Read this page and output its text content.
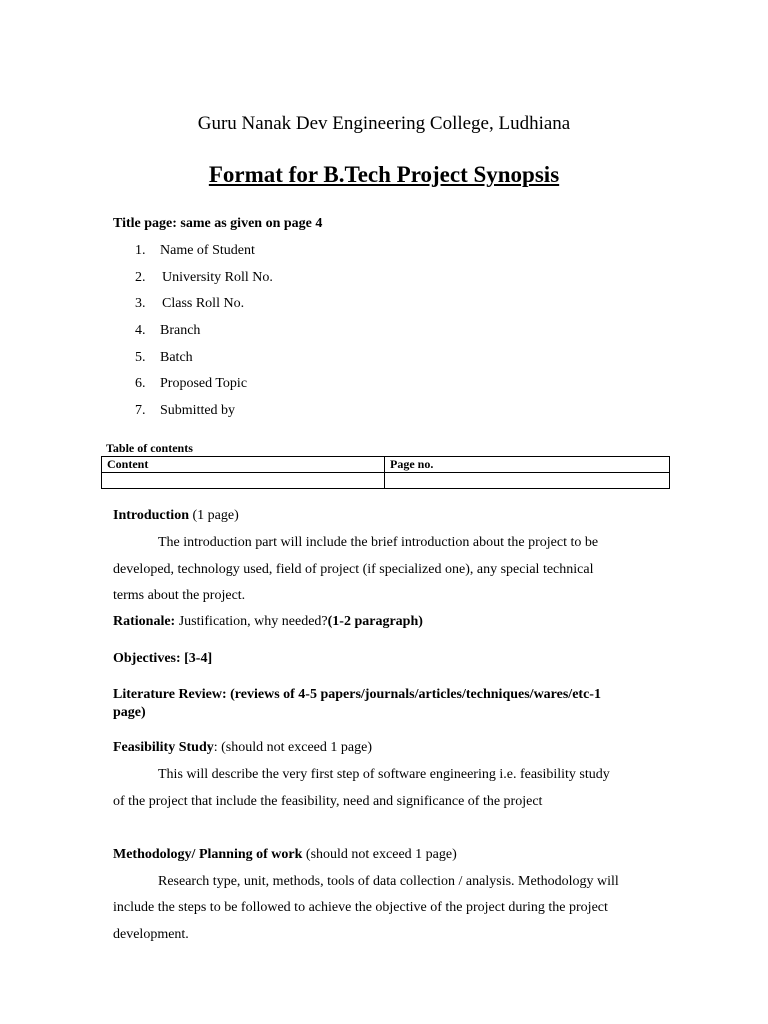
Guru Nanak Dev Engineering College, Ludhiana
Format for B.Tech Project Synopsis
Title page: same as given on page 4
1. Name of Student
2. University Roll No.
3. Class Roll No.
4. Branch
5. Batch
6. Proposed Topic
7. Submitted by
Table of contents
Content	Page no.

Introduction (1 page)
The introduction part will include the brief introduction about the project to be
developed, technology used, field of project (if specialized one), any special technical
terms about the project.
Rationale: Justification, why needed?(1-2 paragraph)
Objectives: [3-4]
Literature Review: (reviews of 4-5 papers/journals/articles/techniques/wares/etc-1
page)
Feasibility Study: (should not exceed 1 page)
This will describe the very first step of software engineering i.e. feasibility study
of the project that include the feasibility, need and significance of the project
Methodology/ Planning of work (should not exceed 1 page)
Research type, unit, methods, tools of data collection / analysis. Methodology will
include the steps to be followed to achieve the objective of the project during the project
development.
